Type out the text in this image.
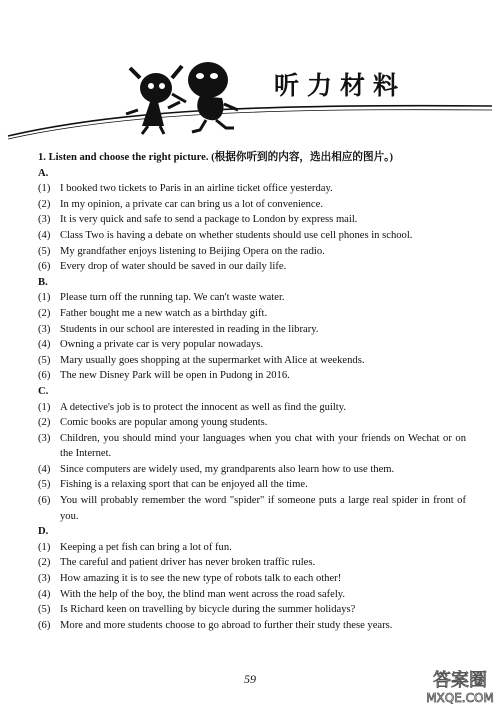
听力材料

1. Listen and choose the right picture. (根据你听到的内容，选出相应的图片。)

A.

(1) I booked two tickets to Paris in an airline ticket office yesterday.
(2) In my opinion, a private car can bring us a lot of convenience.
(3) It is very quick and safe to send a package to London by express mail.
(4) Class Two is having a debate on whether students should use cell phones in school.
(5) My grandfather enjoys listening to Beijing Opera on the radio.
(6) Every drop of water should be saved in our daily life.

B.

(1) Please turn off the running tap. We can't waste water.
(2) Father bought me a new watch as a birthday gift.
(3) Students in our school are interested in reading in the library.
(4) Owning a private car is very popular nowadays.
(5) Mary usually goes shopping at the supermarket with Alice at weekends.
(6) The new Disney Park will be open in Pudong in 2016.

C.

(1) A detective's job is to protect the innocent as well as find the guilty.
(2) Comic books are popular among young students.
(3) Children, you should mind your languages when you chat with your friends on Wechat or on the Internet.
(4) Since computers are widely used, my grandparents also learn how to use them.
(5) Fishing is a relaxing sport that can be enjoyed all the time.
(6) You will probably remember the word "spider" if someone puts a large real spider in front of you.

D.

(1) Keeping a pet fish can bring a lot of fun.
(2) The careful and patient driver has never broken traffic rules.
(3) How amazing it is to see the new type of robots talk to each other!
(4) With the help of the boy, the blind man went across the road safely.
(5) Is Richard keen on travelling by bicycle during the summer holidays?
(6) More and more students choose to go abroad to further their study these years.
59	答案圈
MXQE.COM
